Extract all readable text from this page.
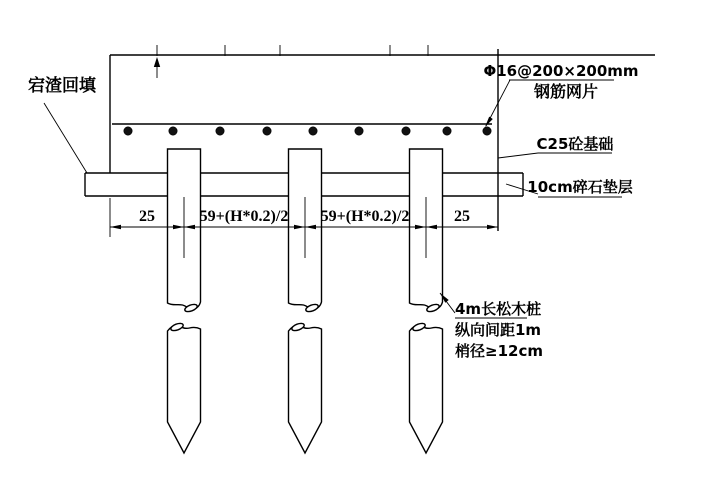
25	59+(H*0.2)/2 59+(H*0.2)/2	25
宕渣回填
Φ16@200×200mm
钢筋网片
C25砼基础
10cm碎石垫层
4m长松木桩
纵向间距1m
梢径≥12cm
